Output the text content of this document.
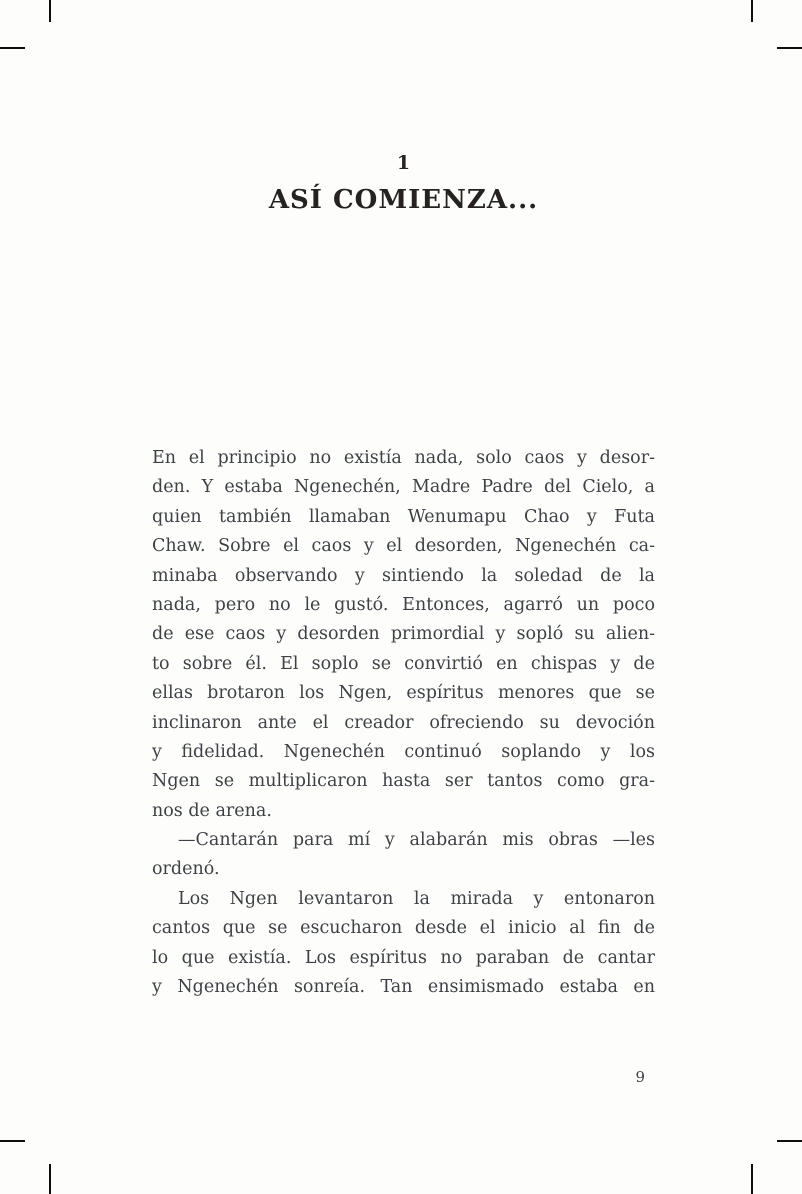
1
ASÍ COMIENZA...
En el principio no existía nada, solo caos y desor-
den. Y estaba Ngenechén, Madre Padre del Cielo, a
quien también llamaban Wenumapu Chao y Futa
Chaw. Sobre el caos y el desorden, Ngenechén ca-
minaba observando y sintiendo la soledad de la
nada, pero no le gustó. Entonces, agarró un poco
de ese caos y desorden primordial y sopló su alien-
to sobre él. El soplo se convirtió en chispas y de
ellas brotaron los Ngen, espíritus menores que se
inclinaron ante el creador ofreciendo su devoción
y fidelidad. Ngenechén continuó soplando y los
Ngen se multiplicaron hasta ser tantos como gra-
nos de arena.
—Cantarán para mí y alabarán mis obras —les
ordenó.
Los Ngen levantaron la mirada y entonaron
cantos que se escucharon desde el inicio al fin de
lo que existía. Los espíritus no paraban de cantar
y Ngenechén sonreía. Tan ensimismado estaba en
9
